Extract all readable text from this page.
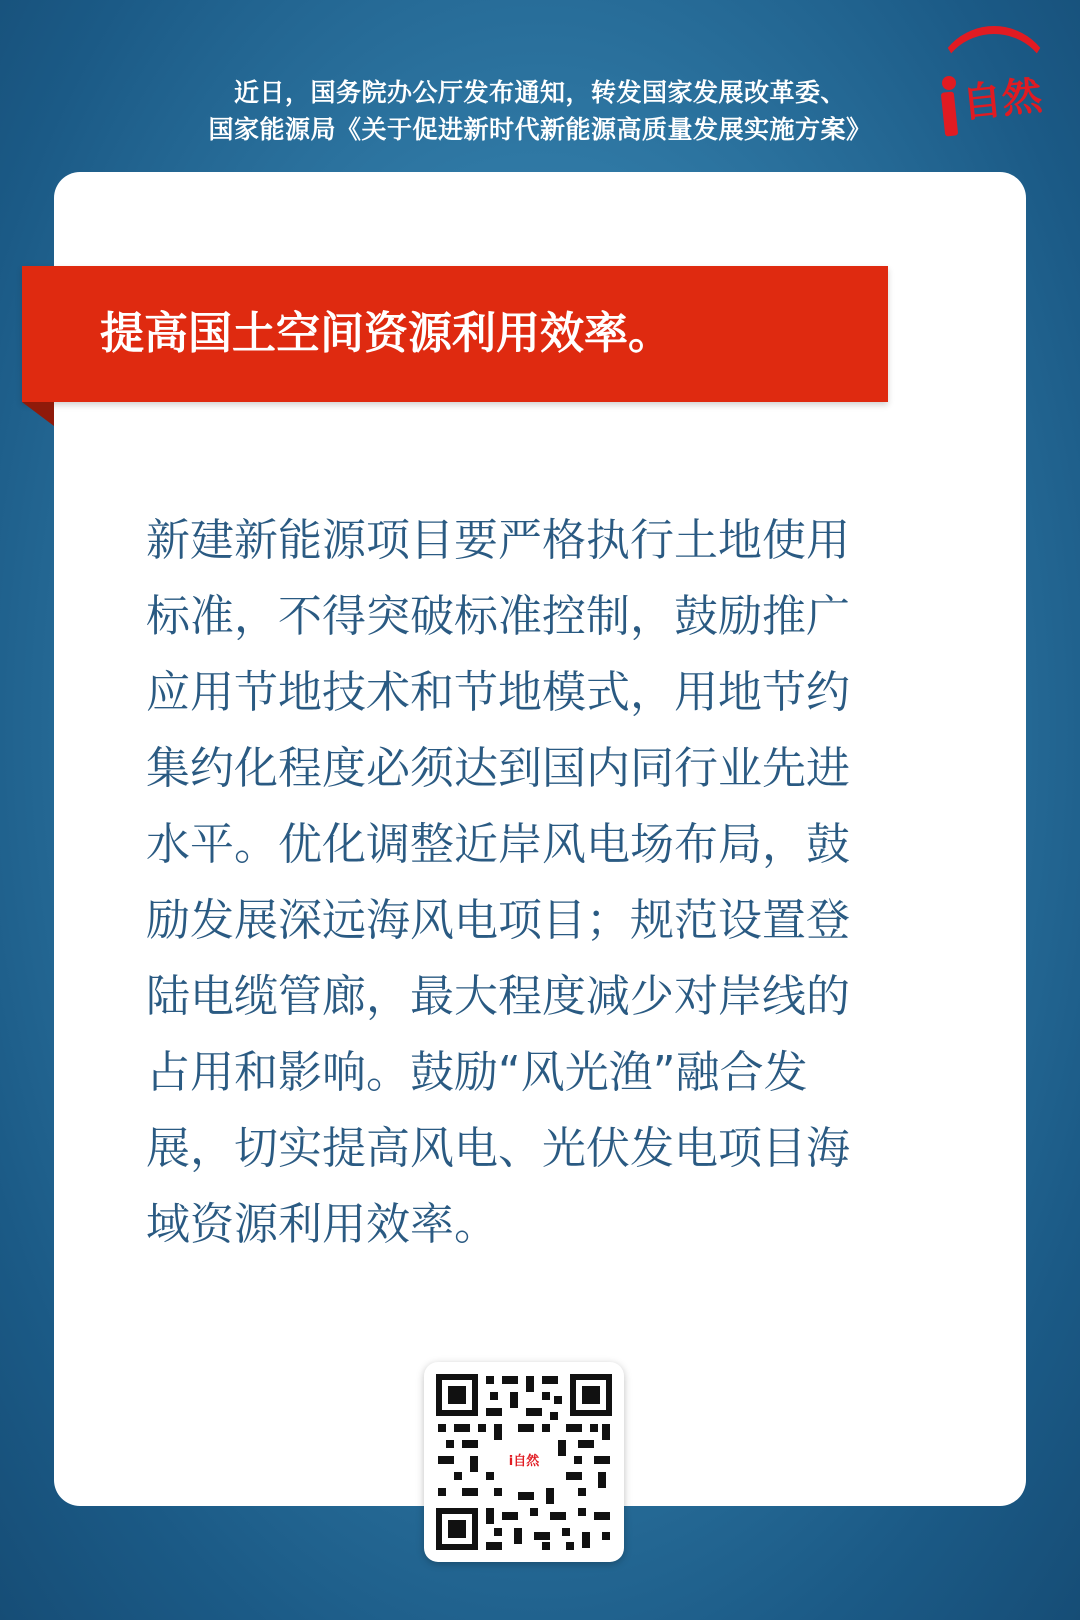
近日，国务院办公厅发布通知，转发国家发展改革委、
国家能源局《关于促进新时代新能源高质量发展实施方案》
自然
提高国土空间资源利用效率。

新建新能源项目要严格执行土地使用
标准，不得突破标准控制，鼓励推广
应用节地技术和节地模式，用地节约
集约化程度必须达到国内同行业先进
水平。优化调整近岸风电场布局，鼓
励发展深远海风电项目；规范设置登
陆电缆管廊，最大程度减少对岸线的
占用和影响。鼓励“风光渔”融合发
展，切实提高风电、光伏发电项目海
域资源利用效率。

i自然
